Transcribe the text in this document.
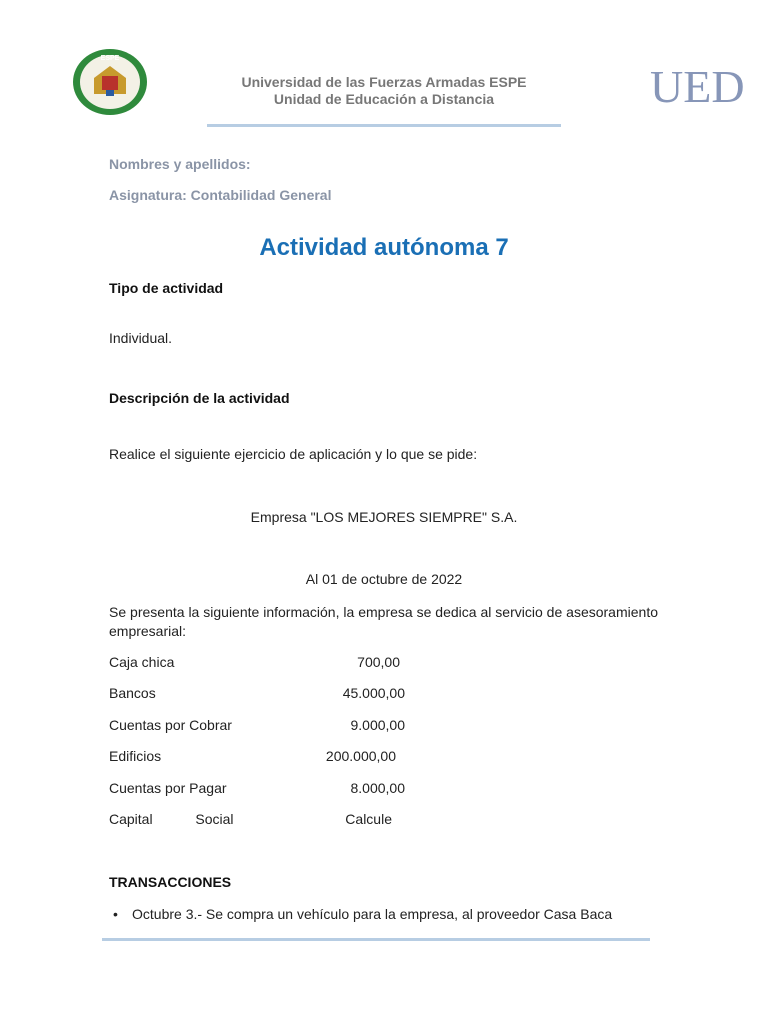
ESPE
Universidad de las Fuerzas Armadas ESPE
Unidad de Educación a Distancia	UED
Nombres y apellidos:
Asignatura: Contabilidad General
Actividad autónoma 7
Tipo de actividad
Individual.
Descripción de la actividad
Realice el siguiente ejercicio de aplicación y lo que se pide:
Empresa "LOS MEJORES SIEMPRE" S.A.
Al 01 de octubre de 2022
Se presenta la siguiente información, la empresa se dedica al servicio de asesoramiento empresarial:
Caja chica	700,00
Bancos	45.000,00
Cuentas por Cobrar	9.000,00
Edificios	200.000,00
Cuentas por Pagar	8.000,00
Capital           Social	Calcule
TRANSACCIONES
• Octubre 3.- Se compra un vehículo para la empresa, al proveedor Casa Baca
